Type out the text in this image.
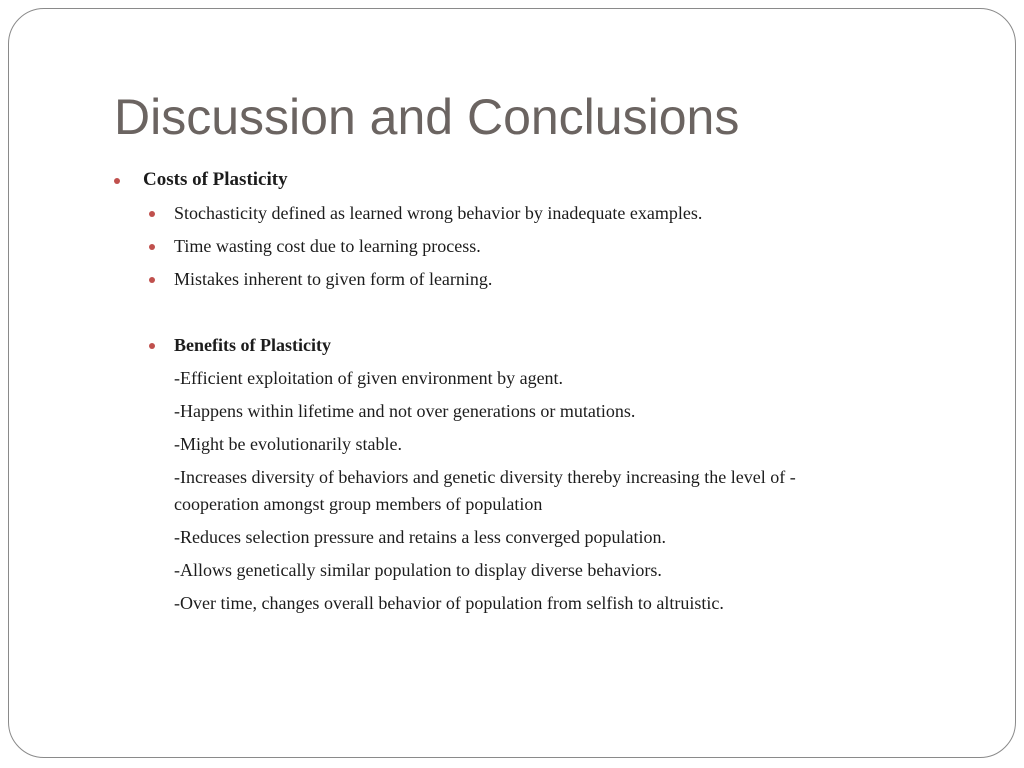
Discussion and Conclusions
Costs of Plasticity
Stochasticity defined as learned wrong behavior by inadequate examples.
Time wasting cost due to learning process.
Mistakes inherent to given form of learning.
Benefits of Plasticity
-Efficient exploitation of given environment by agent.
-Happens within lifetime and not over generations or mutations.
-Might be evolutionarily stable.
-Increases diversity of behaviors and genetic diversity thereby increasing the level of -
cooperation amongst group members of population
-Reduces selection pressure and retains a less converged population.
-Allows genetically similar population to display diverse behaviors.
-Over time, changes overall behavior of population from selfish to altruistic.
